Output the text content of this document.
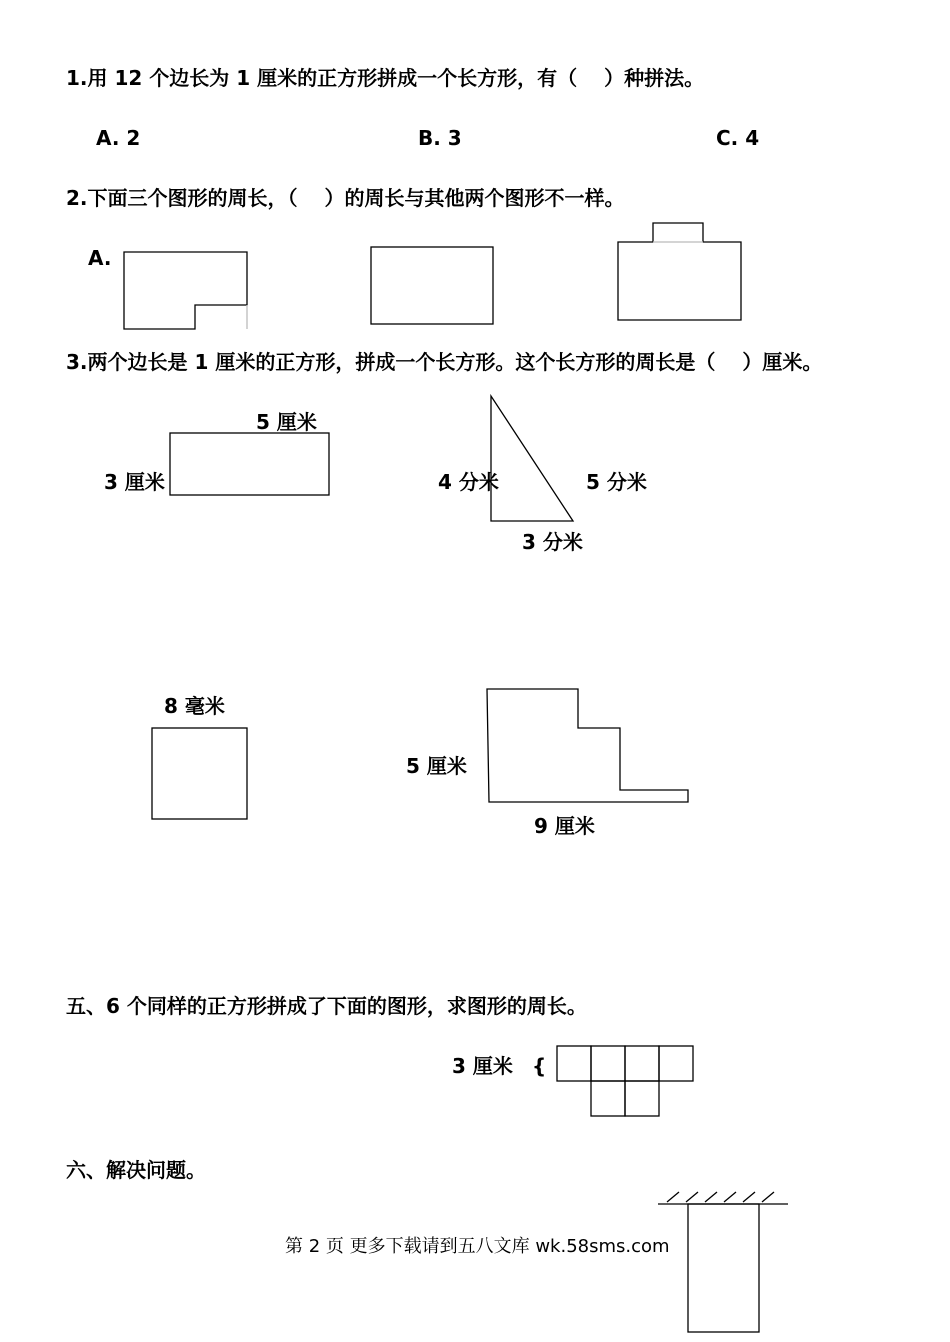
1.用 12 个边长为 1 厘米的正方形拼成一个长方形，有（　 ）种拼法。
A. 2	B. 3	C. 4
2.下面三个图形的周长，（　 ）的周长与其他两个图形不一样。
A.
3.两个边长是 1 厘米的正方形，拼成一个长方形。这个长方形的周长是（　 ）厘米。
5 厘米
3 厘米	4 分米	5 分米
3 分米
8 毫米
5 厘米
9 厘米
五、6 个同样的正方形拼成了下面的图形，求图形的周长。
3 厘米 {
六、解决问题。
第 2 页 更多下载请到五八文库 wk.58sms.com
